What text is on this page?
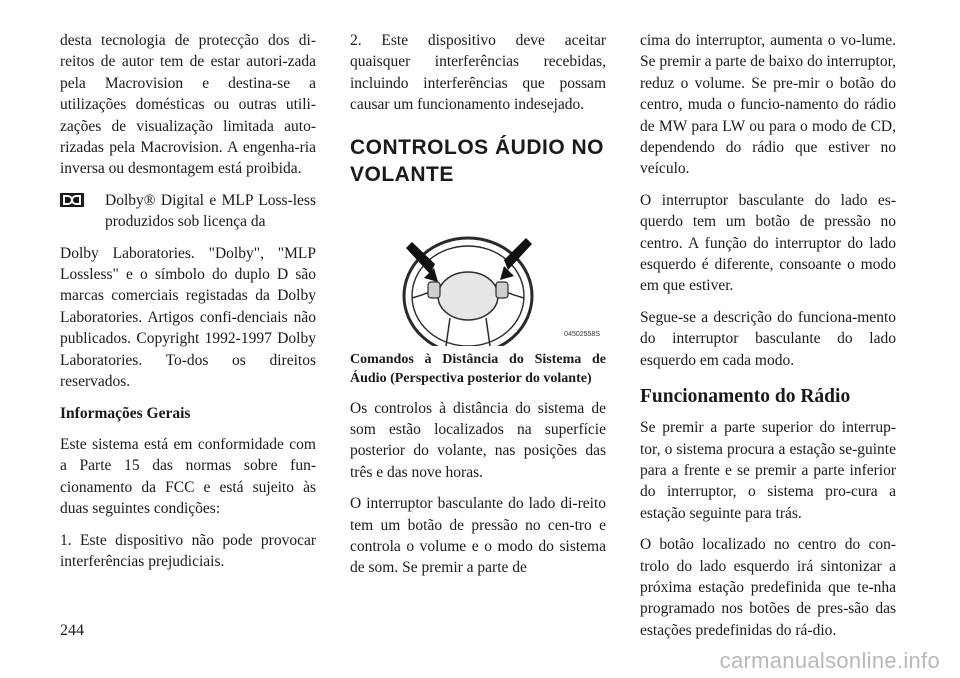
desta tecnologia de protecção dos di-reitos de autor tem de estar autori-zada pela Macrovision e destina-se a utilizações domésticas ou outras utili-zações de visualização limitada auto-rizadas pela Macrovision. A engenha-ria inversa ou desmontagem está proibida.

Dolby® Digital e MLP Loss-less produzidos sob licença da

Dolby Laboratories. "Dolby", "MLP Lossless" e o símbolo do duplo D são marcas comerciais registadas da Dolby Laboratories. Artigos confi-denciais não publicados. Copyright 1992-1997 Dolby Laboratories. To-dos os direitos reservados.

Informações Gerais

Este sistema está em conformidade com a Parte 15 das normas sobre fun-cionamento da FCC e está sujeito às duas seguintes condições:

1. Este dispositivo não pode provocar interferências prejudiciais.

2. Este dispositivo deve aceitar quaisquer interferências recebidas, incluindo interferências que possam causar um funcionamento indesejado.

CONTROLOS ÁUDIO NO VOLANTE
04502558S

Comandos à Distância do Sistema de Áudio (Perspectiva posterior do volante)

Os controlos à distância do sistema de som estão localizados na superfície posterior do volante, nas posições das três e das nove horas.

O interruptor basculante do lado di-reito tem um botão de pressão no cen-tro e controla o volume e o modo do sistema de som. Se premir a parte de

cima do interruptor, aumenta o vo-lume. Se premir a parte de baixo do interruptor, reduz o volume. Se pre-mir o botão do centro, muda o funcio-namento do rádio de MW para LW ou para o modo de CD, dependendo do rádio que estiver no veículo.

O interruptor basculante do lado es-querdo tem um botão de pressão no centro. A função do interruptor do lado esquerdo é diferente, consoante o modo em que estiver.

Segue-se a descrição do funciona-mento do interruptor basculante do lado esquerdo em cada modo.

Funcionamento do Rádio

Se premir a parte superior do interrup-tor, o sistema procura a estação se-guinte para a frente e se premir a parte inferior do interruptor, o sistema pro-cura a estação seguinte para trás.

O botão localizado no centro do con-trolo do lado esquerdo irá sintonizar a próxima estação predefinida que te-nha programado nos botões de pres-são das estações predefinidas do rá-dio.

244
carmanualsonline.info
